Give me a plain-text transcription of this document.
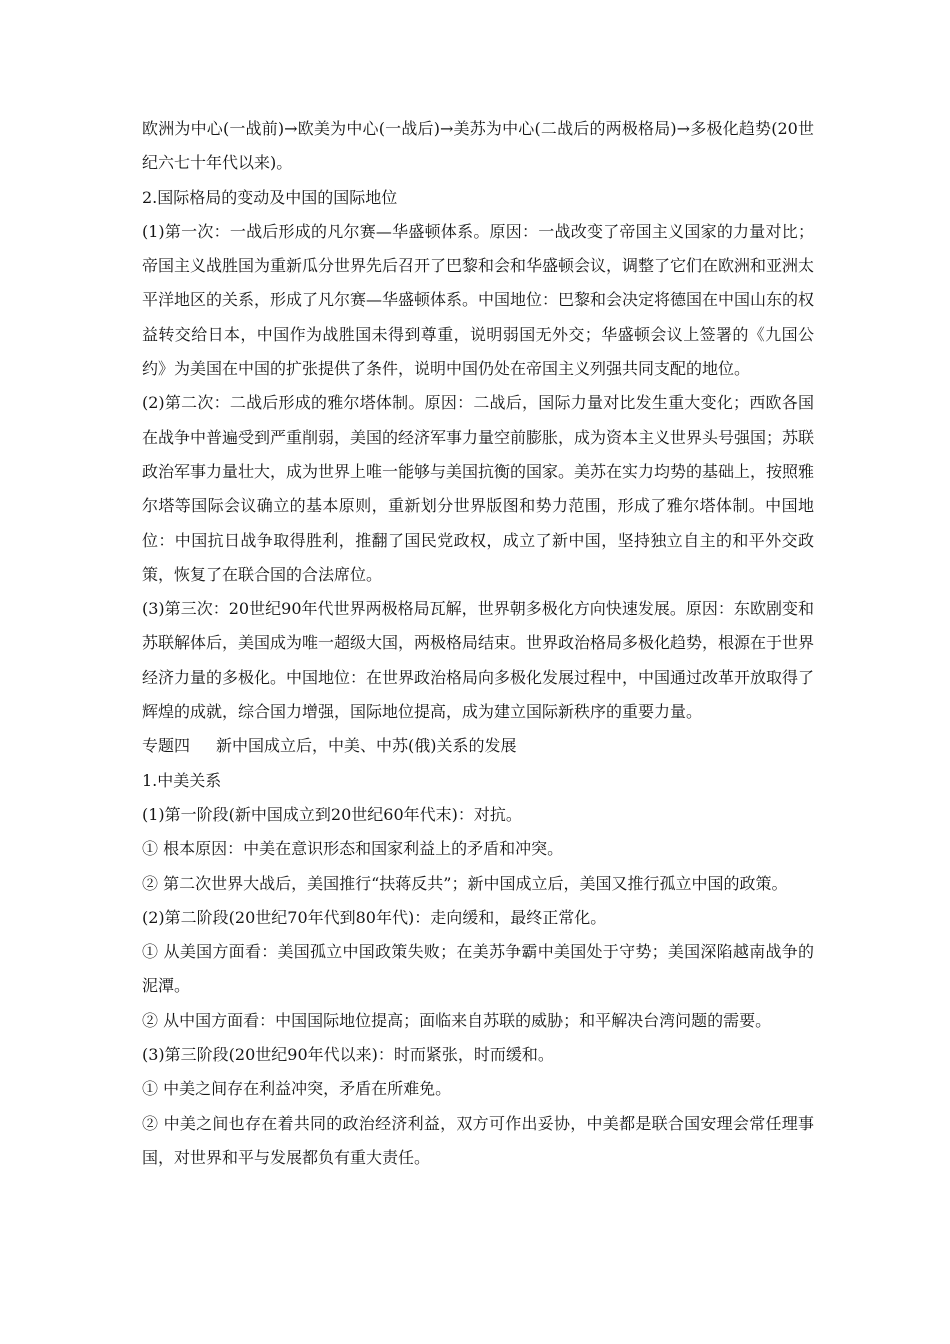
欧洲为中心(一战前)→欧美为中心(一战后)→美苏为中心(二战后的两极格局)→多极化趋势(20世纪六七十年代以来)。

2.国际格局的变动及中国的国际地位

(1)第一次：一战后形成的凡尔赛—华盛顿体系。原因：一战改变了帝国主义国家的力量对比；帝国主义战胜国为重新瓜分世界先后召开了巴黎和会和华盛顿会议，调整了它们在欧洲和亚洲太平洋地区的关系，形成了凡尔赛—华盛顿体系。中国地位：巴黎和会决定将德国在中国山东的权益转交给日本，中国作为战胜国未得到尊重，说明弱国无外交；华盛顿会议上签署的《九国公约》为美国在中国的扩张提供了条件，说明中国仍处在帝国主义列强共同支配的地位。

(2)第二次：二战后形成的雅尔塔体制。原因：二战后，国际力量对比发生重大变化；西欧各国在战争中普遍受到严重削弱，美国的经济军事力量空前膨胀，成为资本主义世界头号强国；苏联政治军事力量壮大，成为世界上唯一能够与美国抗衡的国家。美苏在实力均势的基础上，按照雅尔塔等国际会议确立的基本原则，重新划分世界版图和势力范围，形成了雅尔塔体制。中国地位：中国抗日战争取得胜利，推翻了国民党政权，成立了新中国，坚持独立自主的和平外交政策，恢复了在联合国的合法席位。

(3)第三次：20世纪90年代世界两极格局瓦解，世界朝多极化方向快速发展。原因：东欧剧变和苏联解体后，美国成为唯一超级大国，两极格局结束。世界政治格局多极化趋势，根源在于世界经济力量的多极化。中国地位：在世界政治格局向多极化发展过程中，中国通过改革开放取得了辉煌的成就，综合国力增强，国际地位提高，成为建立国际新秩序的重要力量。

专题四 新中国成立后，中美、中苏(俄)关系的发展

1.中美关系

(1)第一阶段(新中国成立到20世纪60年代末)：对抗。

① 根本原因：中美在意识形态和国家利益上的矛盾和冲突。

② 第二次世界大战后，美国推行“扶蒋反共”；新中国成立后，美国又推行孤立中国的政策。

(2)第二阶段(20世纪70年代到80年代)：走向缓和，最终正常化。

① 从美国方面看：美国孤立中国政策失败；在美苏争霸中美国处于守势；美国深陷越南战争的泥潭。

② 从中国方面看：中国国际地位提高；面临来自苏联的威胁；和平解决台湾问题的需要。

(3)第三阶段(20世纪90年代以来)：时而紧张，时而缓和。

① 中美之间存在利益冲突，矛盾在所难免。

② 中美之间也存在着共同的政治经济利益，双方可作出妥协，中美都是联合国安理会常任理事国，对世界和平与发展都负有重大责任。
